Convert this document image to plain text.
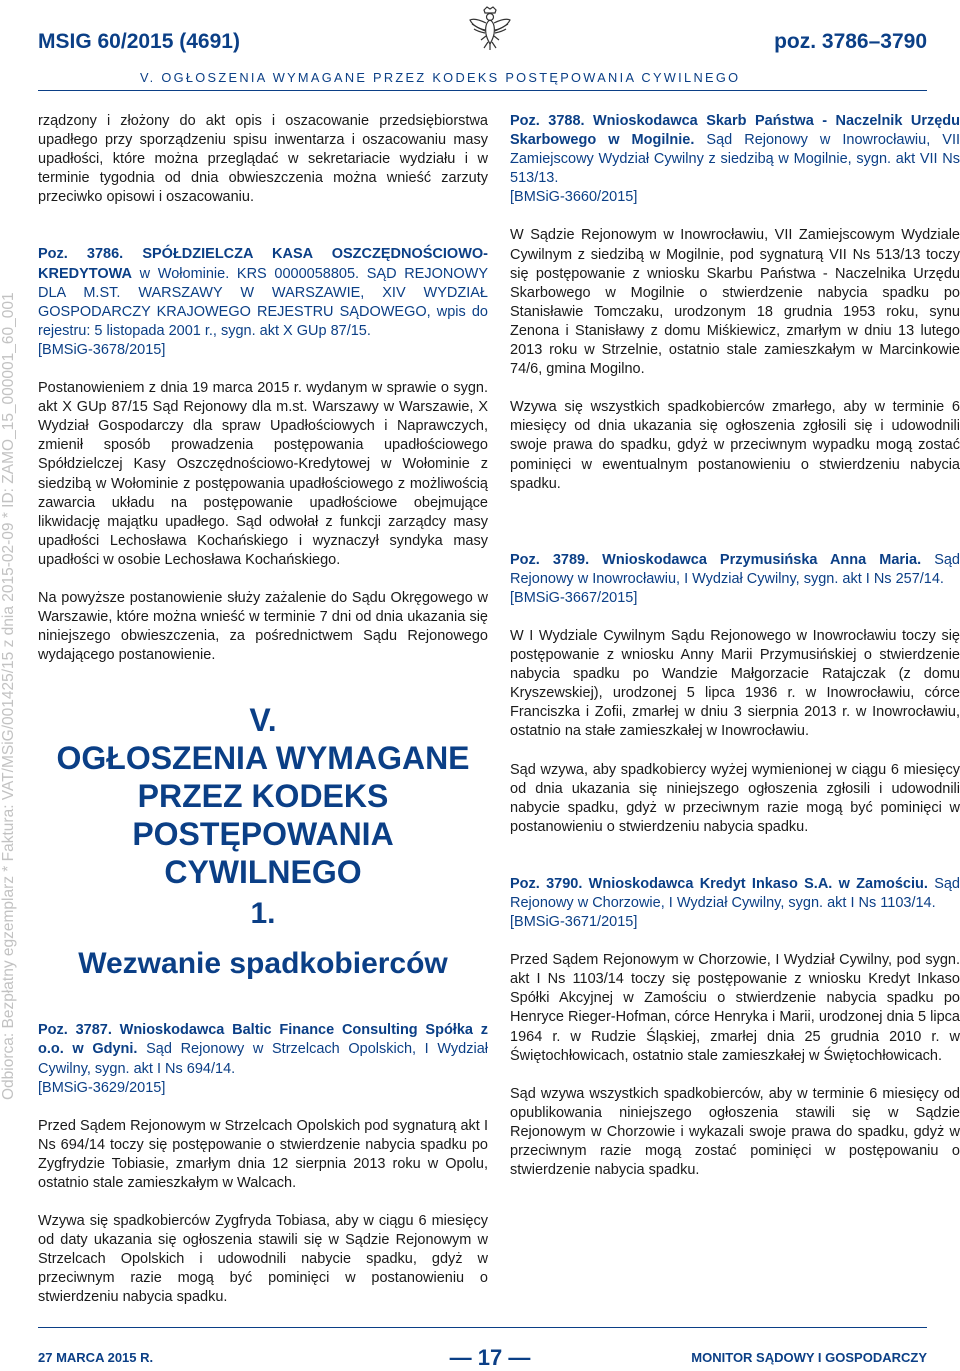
MSIG 60/2015 (4691)	poz. 3786–3790
V. OGŁOSZENIA WYMAGANE PRZEZ KODEKS POSTĘPOWANIA CYWILNEGO
Odbiorca: Bezpłatny egzemplarz * Faktura: VAT/MSiG/001425/15 z dnia 2015-02-09 * ID: ZAMO_15_000001_60_001

rządzony i złożony do akt opis i oszacowanie przedsiębiorstwa upadłego przy sporządzeniu spisu inwentarza i oszacowaniu masy upadłości, które można przeglądać w sekretariacie wydziału i w terminie tygodnia od dnia obwieszczenia można wnieść zarzuty przeciwko opisowi i oszacowaniu.

Poz. 3786. SPÓŁDZIELCZA KASA OSZCZĘDNOŚCIOWO-KREDYTOWA w Wołominie. KRS 0000058805. SĄD REJONOWY DLA M.ST. WARSZAWY W WARSZAWIE, XIV WYDZIAŁ GOSPODARCZY KRAJOWEGO REJESTRU SĄDOWEGO, wpis do rejestru: 5 listopada 2001 r., sygn. akt X GUp 87/15.

[BMSiG-3678/2015]

Postanowieniem z dnia 19 marca 2015 r. wydanym w sprawie o sygn. akt X GUp 87/15 Sąd Rejonowy dla m.st. Warszawy w Warszawie, X Wydział Gospodarczy dla spraw Upadłościowych i Naprawczych, zmienił sposób prowadzenia postępowania upadłościowego Spółdzielczej Kasy Oszczędnościowo-Kredytowej w Wołominie z siedzibą w Wołominie z postępowania upadłościowego z możliwością zawarcia układu na postępowanie upadłościowe obejmujące likwidację majątku upadłego. Sąd odwołał z funkcji zarządcy masy upadłości Lechosława Kochańskiego i wyznaczył syndyka masy upadłości w osobie Lechosława Kochańskiego.

Na powyższe postanowienie służy zażalenie do Sądu Okręgowego w Warszawie, które można wnieść w terminie 7 dni od dnia ukazania się niniejszego obwieszczenia, za pośrednictwem Sądu Rejonowego wydającego postanowienie.

V.
OGŁOSZENIA WYMAGANE PRZEZ KODEKS POSTĘPOWANIA CYWILNEGO
1.
Wezwanie spadkobierców

Poz. 3787. Wnioskodawca Baltic Finance Consulting Spółka z o.o. w Gdyni. Sąd Rejonowy w Strzelcach Opolskich, I Wydział Cywilny, sygn. akt I Ns 694/14.

[BMSiG-3629/2015]

Przed Sądem Rejonowym w Strzelcach Opolskich pod sygnaturą akt I Ns 694/14 toczy się postępowanie o stwierdzenie nabycia spadku po Zygfrydzie Tobiasie, zmarłym dnia 12 sierpnia 2013 roku w Opolu, ostatnio stale zamieszkałym w Walcach.

Wzywa się spadkobierców Zygfryda Tobiasa, aby w ciągu 6 miesięcy od daty ukazania się ogłoszenia stawili się w Sądzie Rejonowym w Strzelcach Opolskich i udowodnili nabycie spadku, gdyż w przeciwnym razie mogą być pominięci w postanowieniu o stwierdzeniu nabycia spadku.

Poz. 3788. Wnioskodawca Skarb Państwa - Naczelnik Urzędu Skarbowego w Mogilnie. Sąd Rejonowy w Inowrocławiu, VII Zamiejscowy Wydział Cywilny z siedzibą w Mogilnie, sygn. akt VII Ns 513/13.

[BMSiG-3660/2015]

W Sądzie Rejonowym w Inowrocławiu, VII Zamiejscowym Wydziale Cywilnym z siedzibą w Mogilnie, pod sygnaturą VII Ns 513/13 toczy się postępowanie z wniosku Skarbu Państwa - Naczelnika Urzędu Skarbowego w Mogilnie o stwierdzenie nabycia spadku po Stanisławie Tomczaku, urodzonym 18 grudnia 1953 roku, synu Zenona i Stanisławy z domu Miśkiewicz, zmarłym w dniu 13 lutego 2013 roku w Strzelnie, ostatnio stale zamieszkałym w Marcinkowie 74/6, gmina Mogilno.

Wzywa się wszystkich spadkobierców zmarłego, aby w terminie 6 miesięcy od dnia ukazania się ogłoszenia zgłosili się i udowodnili swoje prawa do spadku, gdyż w przeciwnym wypadku mogą zostać pominięci w ewentualnym postanowieniu o stwierdzeniu nabycia spadku.

Poz. 3789. Wnioskodawca Przymusińska Anna Maria. Sąd Rejonowy w Inowrocławiu, I Wydział Cywilny, sygn. akt I Ns 257/14.

[BMSiG-3667/2015]

W I Wydziale Cywilnym Sądu Rejonowego w Inowrocławiu toczy się postępowanie z wniosku Anny Marii Przymusińskiej o stwierdzenie nabycia spadku po Wandzie Małgorzacie Ratajczak (z domu Kryszewskiej), urodzonej 5 lipca 1936 r. w Inowrocławiu, córce Franciszka i Zofii, zmarłej w dniu 3 sierpnia 2013 r. w Inowrocławiu, ostatnio na stałe zamieszkałej w Inowrocławiu.

Sąd wzywa, aby spadkobiercy wyżej wymienionej w ciągu 6 miesięcy od dnia ukazania się niniejszego ogłoszenia zgłosili i udowodnili nabycie spadku, gdyż w przeciwnym razie mogą być pominięci w postanowieniu o stwierdzeniu nabycia spadku.

Poz. 3790. Wnioskodawca Kredyt Inkaso S.A. w Zamościu. Sąd Rejonowy w Chorzowie, I Wydział Cywilny, sygn. akt I Ns 1103/14.

[BMSiG-3671/2015]

Przed Sądem Rejonowym w Chorzowie, I Wydział Cywilny, pod sygn. akt I Ns 1103/14 toczy się postępowanie z wniosku Kredyt Inkaso Spółki Akcyjnej w Zamościu o stwierdzenie nabycia spadku po Henryce Rieger-Hofman, córce Henryka i Marii, urodzonej dnia 5 lipca 1964 r. w Rudzie Śląskiej, zmarłej dnia 25 grudnia 2010 r. w Świętochłowicach, ostatnio stale zamieszkałej w Świętochłowicach.

Sąd wzywa wszystkich spadkobierców, aby w terminie 6 miesięcy od opublikowania niniejszego ogłoszenia stawili się w Sądzie Rejonowym w Chorzowie i wykazali swoje prawa do spadku, gdyż w przeciwnym razie mogą zostać pominięci w postępowaniu o stwierdzenie nabycia spadku.

27 MARCA 2015 R.	— 17 —	MONITOR SĄDOWY I GOSPODARCZY
